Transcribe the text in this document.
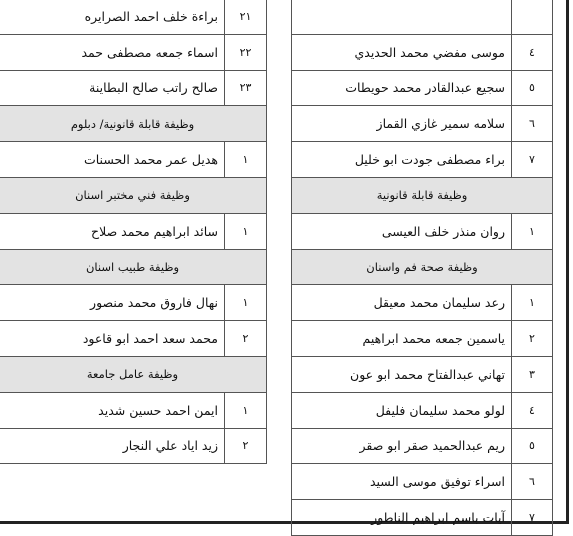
براءة خلف احمد الصرايره	٢١
اسماء جمعه مصطفى حمد	٢٢
صالح راتب صالح البطاينة	٢٣
وظيفة قابلة قانونية/ دبلوم	
هديل عمر محمد الحسنات	١
وظيفة فني مختبر اسنان	
سائد ابراهيم محمد صلاح	١
وظيفة طبيب اسنان	
نهال فاروق محمد منصور	١
محمد سعد احمد ابو قاعود	٢
وظيفة عامل جامعة	
ايمن احمد حسين شديد	١
زيد اياد علي النجار	٢

موسى مفضي محمد الحديدي	٤
سجيع عبدالقادر محمد حويطات	٥
سلامه سمير غازي القماز	٦
براء مصطفى جودت ابو خليل	٧
وظيفة قابلة قانونية	
روان منذر خلف العيسى	١
وظيفة صحة فم واسنان	
رعد سليمان محمد معيقل	١
ياسمين جمعه محمد ابراهيم	٢
تهاني عبدالفتاح محمد ابو عون	٣
لولو محمد سليمان فليفل	٤
ريم عبدالحميد صقر ابو صقر	٥
اسراء توفيق موسى السيد	٦
آيات باسم ابراهيم الناطور	٧
